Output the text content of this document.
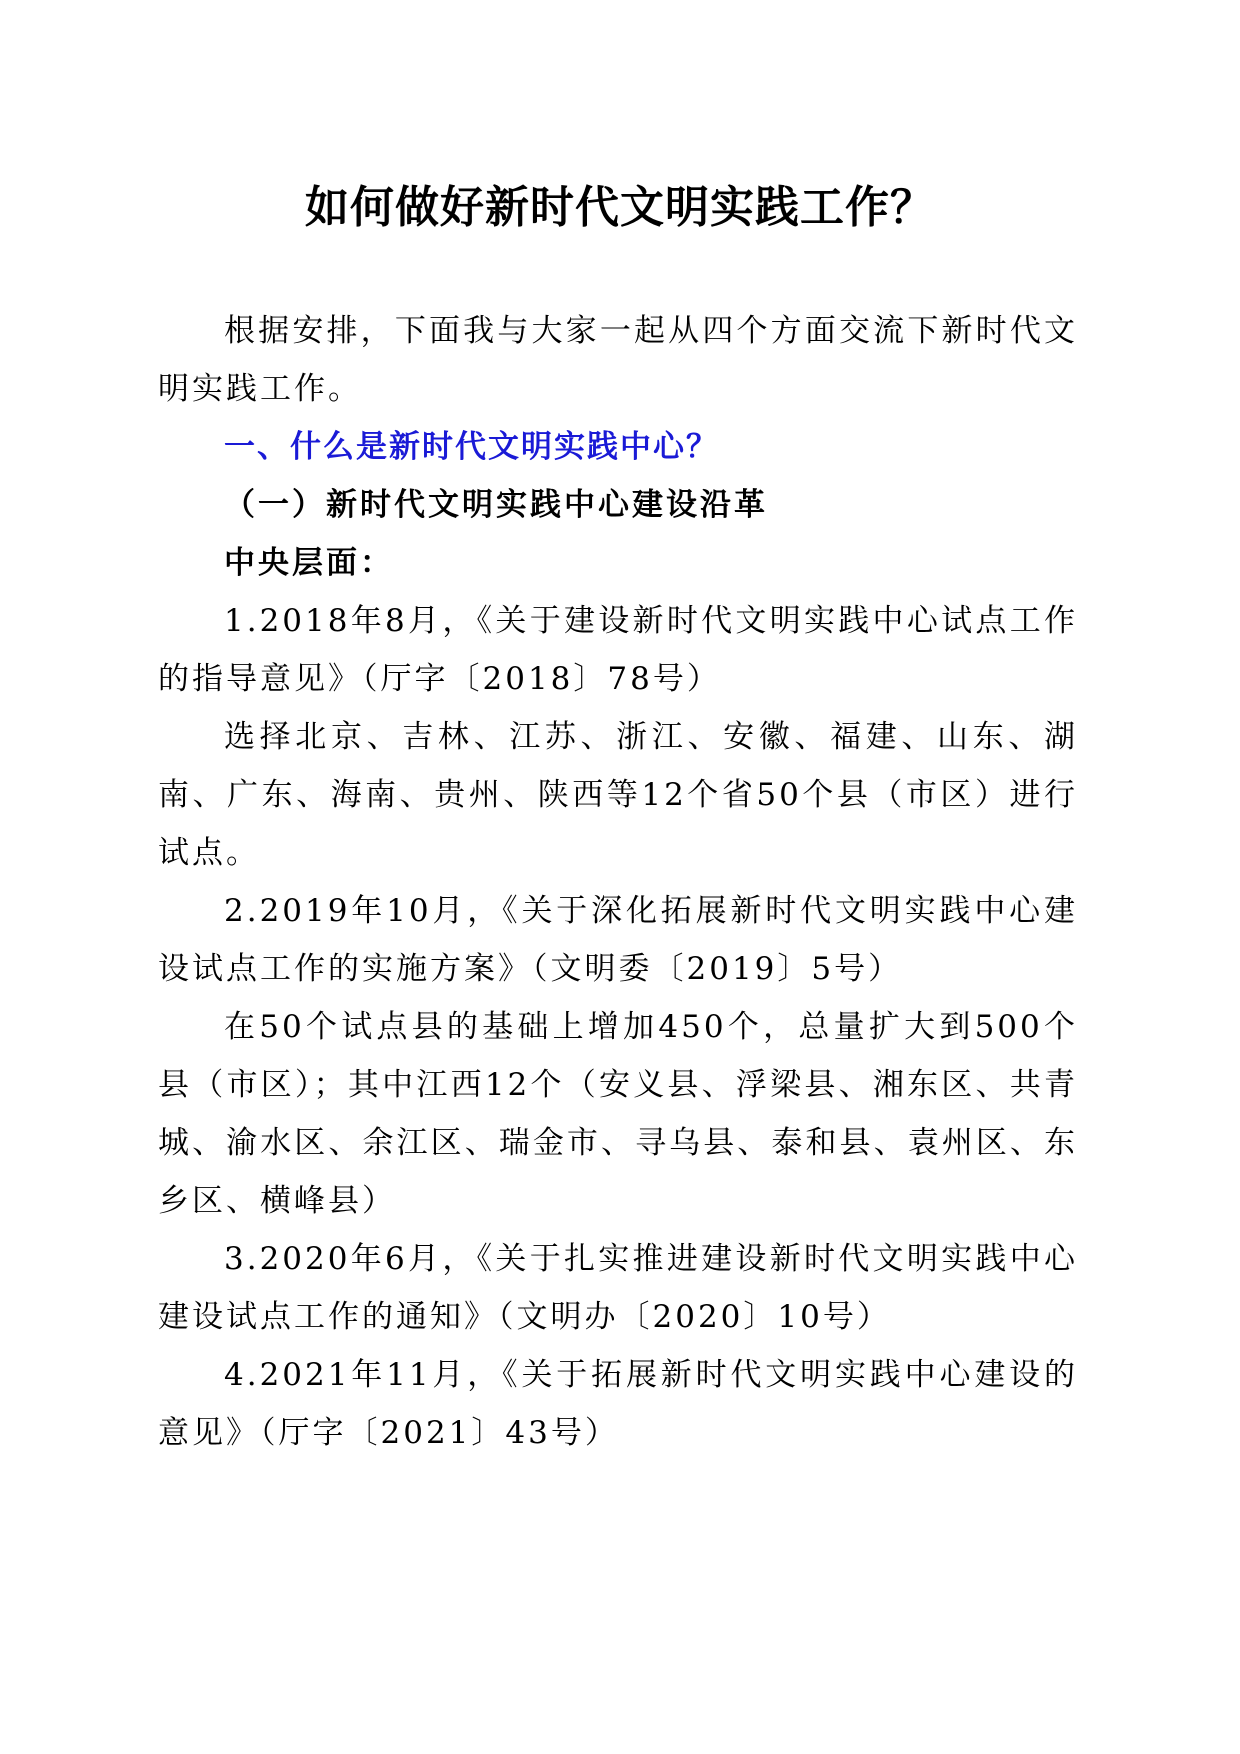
如何做好新时代文明实践工作？

根据安排，下面我与大家一起从四个方面交流下新时代文明实践工作。

一、什么是新时代文明实践中心？

（一）新时代文明实践中心建设沿革

中央层面：

1.2018年8月，《关于建设新时代文明实践中心试点工作的指导意见》（厅字〔2018〕78号）

选择北京、吉林、江苏、浙江、安徽、福建、山东、湖南、广东、海南、贵州、陕西等12个省50个县（市区）进行试点。

2.2019年10月，《关于深化拓展新时代文明实践中心建设试点工作的实施方案》（文明委〔2019〕5号）

在50个试点县的基础上增加450个，总量扩大到500个县（市区）；其中江西12个（安义县、浮梁县、湘东区、共青城、渝水区、余江区、瑞金市、寻乌县、泰和县、袁州区、东乡区、横峰县）

3.2020年6月，《关于扎实推进建设新时代文明实践中心建设试点工作的通知》（文明办〔2020〕10号）

4.2021年11月，《关于拓展新时代文明实践中心建设的意见》（厅字〔2021〕43号）
